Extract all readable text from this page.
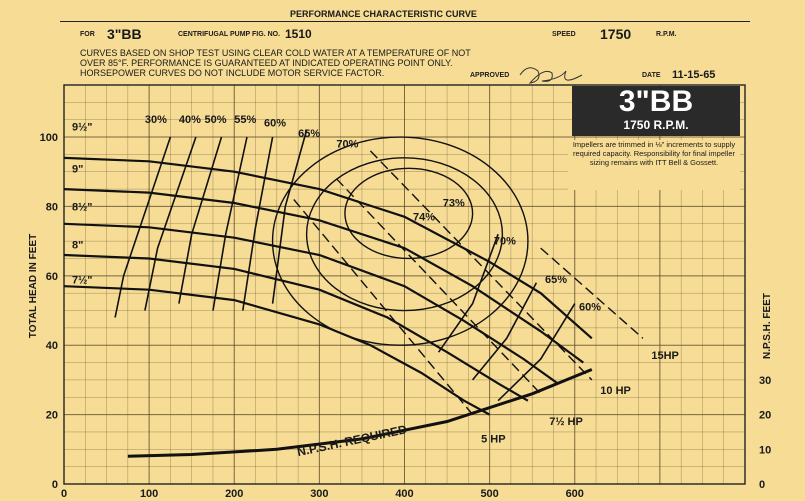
PERFORMANCE CHARACTERISTIC CURVE
FOR 3"BB	CENTRIFUGAL PUMP FIG. NO. 1510	SPEED 1750	R.P.M.
CURVES BASED ON SHOP TEST USING CLEAR COLD WATER AT A TEMPERATURE OF NOT
OVER 85°F. PERFORMANCE IS GUARANTEED AT INDICATED OPERATING POINT ONLY.
HORSEPOWER CURVES DO NOT INCLUDE MOTOR SERVICE FACTOR.	APPROVED	DATE 11-15-65
9½"
9"
8½"
8"
7½"
30% 40% 50% 55% 60%
65%
70%
74%
73%
70%
65%
60%
5 HP
7½ HP
10 HP
15HP
N.P.S.H. REQUIRED
0	100	200	300	400	500	600
0
20
40
60
80
100
0
10
20
30
TOTAL HEAD IN FEET	N.P.S.H. FEET
3"BB
1750 R.P.M.
Impellers are trimmed in ⅛" increments to supply required capacity. Responsibility for final impeller sizing remains with ITT Bell & Gossett.
